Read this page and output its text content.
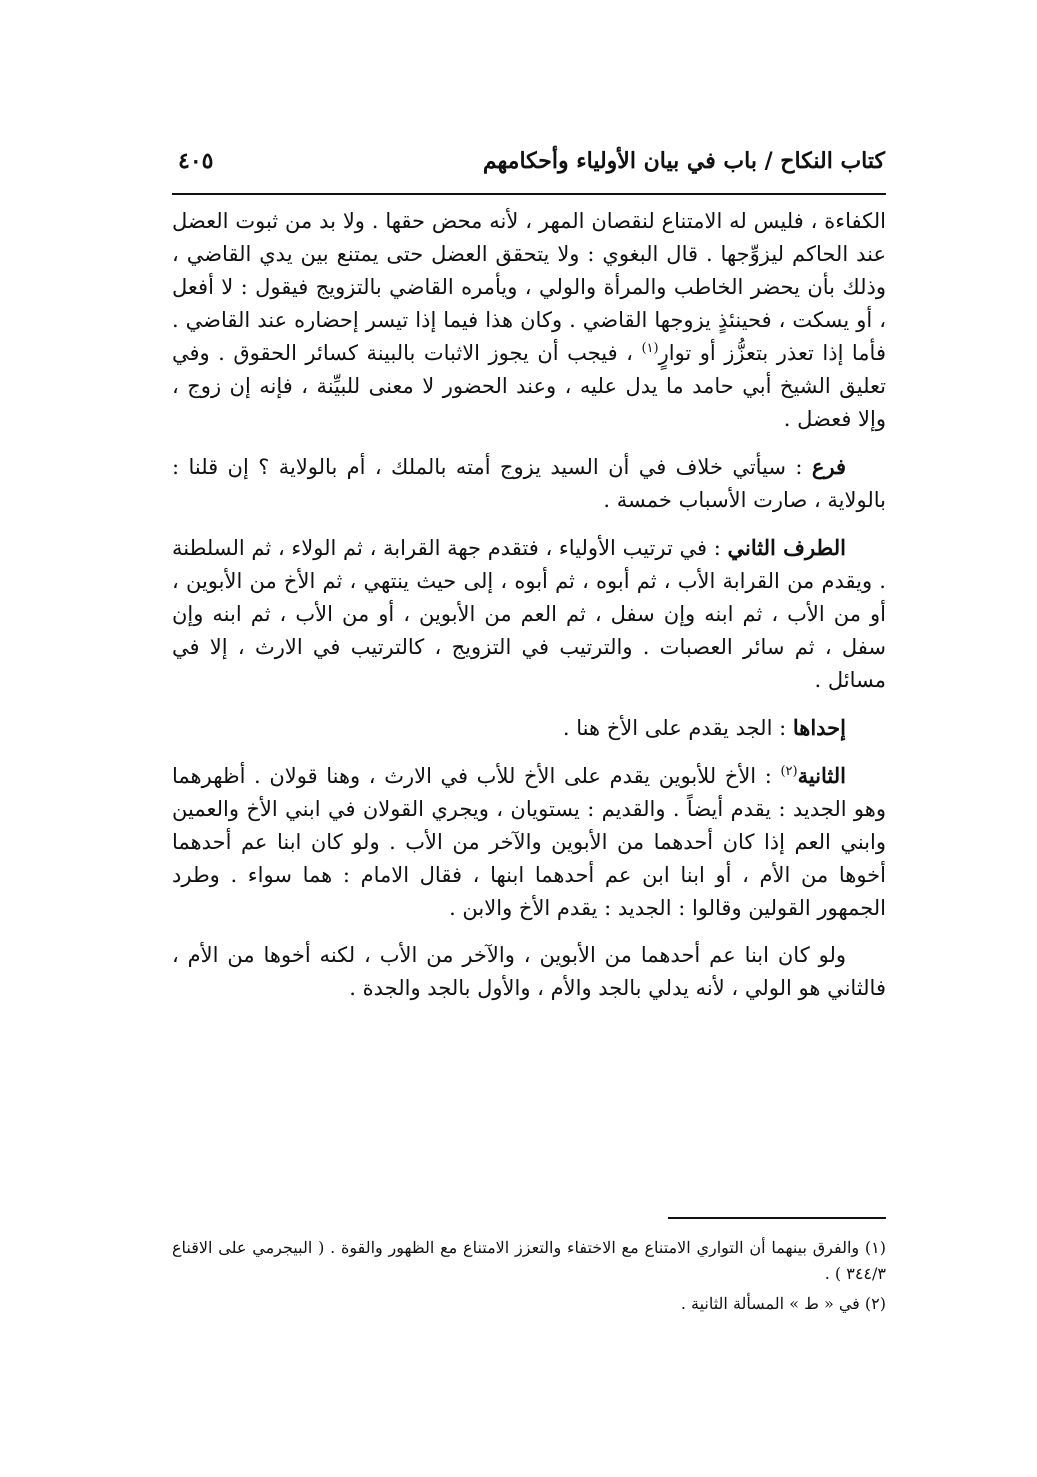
كتاب النكاح / باب في بيان الأولياء وأحكامهم
٤٠٥

الكفاءة ، فليس له الامتناع لنقصان المهر ، لأنه محض حقها . ولا بد من ثبوت العضل عند الحاكم ليزوِّجها . قال البغوي : ولا يتحقق العضل حتى يمتنع بين يدي القاضي ، وذلك بأن يحضر الخاطب والمرأة والولي ، ويأمره القاضي بالتزويج فيقول : لا أفعل ، أو يسكت ، فحينئذٍ يزوجها القاضي . وكان هذا فيما إذا تيسر إحضاره عند القاضي . فأما إذا تعذر بتعزُّز أو توارٍ$^{(١)}$ ، فيجب أن يجوز الاثبات بالبينة كسائر الحقوق . وفي تعليق الشيخ أبي حامد ما يدل عليه ، وعند الحضور لا معنى للبيِّنة ، فإنه إن زوج ، وإلا فعضل .

فرع : سيأتي خلاف في أن السيد يزوج أمته بالملك ، أم بالولاية ؟ إن قلنا : بالولاية ، صارت الأسباب خمسة .

الطرف الثاني : في ترتيب الأولياء ، فتقدم جهة القرابة ، ثم الولاء ، ثم السلطنة . ويقدم من القرابة الأب ، ثم أبوه ، ثم أبوه ، إلى حيث ينتهي ، ثم الأخ من الأبوين ، أو من الأب ، ثم ابنه وإن سفل ، ثم العم من الأبوين ، أو من الأب ، ثم ابنه وإن سفل ، ثم سائر العصبات . والترتيب في التزويج ، كالترتيب في الارث ، إلا في مسائل .

إحداها : الجد يقدم على الأخ هنا .

الثانية$^{(٢)}$ : الأخ للأبوين يقدم على الأخ للأب في الارث ، وهنا قولان . أظهرهما وهو الجديد : يقدم أيضاً . والقديم : يستويان ، ويجري القولان في ابني الأخ والعمين وابني العم إذا كان أحدهما من الأبوين والآخر من الأب . ولو كان ابنا عم أحدهما أخوها من الأم ، أو ابنا ابن عم أحدهما ابنها ، فقال الامام : هما سواء . وطرد الجمهور القولين وقالوا : الجديد : يقدم الأخ والابن .

ولو كان ابنا عم أحدهما من الأبوين ، والآخر من الأب ، لكنه أخوها من الأم ، فالثاني هو الولي ، لأنه يدلي بالجد والأم ، والأول بالجد والجدة .

(١) والفرق بينهما أن التواري الامتناع مع الاختفاء والتعزز الامتناع مع الظهور والقوة . ( البيجرمي على الاقناع ٣٤٤/٣ ) .

(٢) في « ط » المسألة الثانية .
